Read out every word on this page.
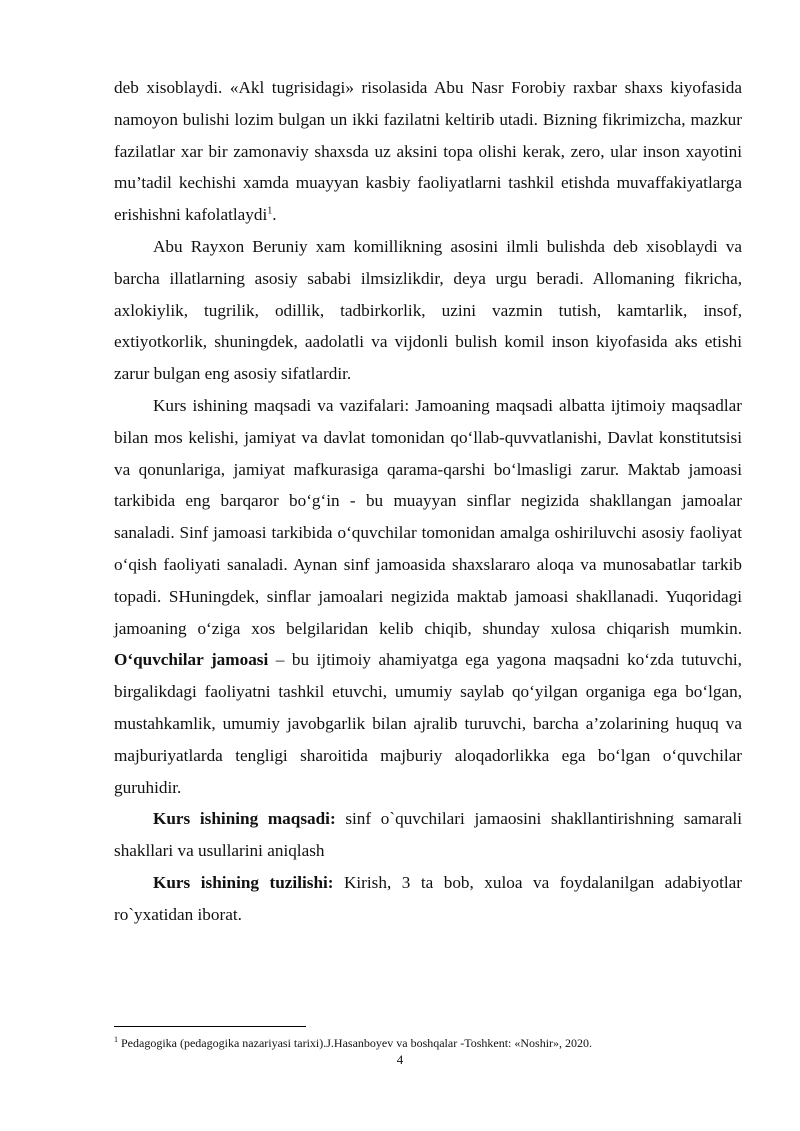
deb xisoblaydi. «Akl tugrisidagi» risolasida Abu Nasr Forobiy raxbar shaxs kiyofasida namoyon bulishi lozim bulgan un ikki fazilatni keltirib utadi. Bizning fikrimizcha, mazkur fazilatlar xar bir zamonaviy shaxsda uz aksini topa olishi kerak, zero, ular inson xayotini mu’tadil kechishi xamda muayyan kasbiy faoliyatlarni tashkil etishda muvaffakiyatlarga erishishni kafolatlaydi$^1$.

Abu Rayxon Beruniy xam komillikning asosini ilmli bulishda deb xisoblaydi va barcha illatlarning asosiy sababi ilmsizlikdir, deya urgu beradi. Allomaning fikricha, axlokiylik, tugrilik, odillik, tadbirkorlik, uzini vazmin tutish, kamtarlik, insof, extiyotkorlik, shuningdek, aadolatli va vijdonli bulish komil inson kiyofasida aks etishi zarur bulgan eng asosiy sifatlardir.

Kurs ishining maqsadi va vazifalari: Jamoaning maqsadi albatta ijtimoiy maqsadlar bilan mos kelishi, jamiyat va davlat tomonidan qo‘llab-quvvatlanishi, Davlat konstitutsisi va qonunlariga, jamiyat mafkurasiga qarama-qarshi bo‘lmasligi zarur. Maktab jamoasi tarkibida eng barqaror bo‘g‘in - bu muayyan sinflar negizida shakllangan jamoalar sanaladi. Sinf jamoasi tarkibida o‘quvchilar tomonidan amalga oshiriluvchi asosiy faoliyat o‘qish faoliyati sanaladi. Aynan sinf jamoasida shaxslararo aloqa va munosabatlar tarkib topadi. SHuningdek, sinflar jamoalari negizida maktab jamoasi shakllanadi. Yuqoridagi jamoaning o‘ziga xos belgilaridan kelib chiqib, shunday xulosa chiqarish mumkin. O‘quvchilar jamoasi – bu ijtimoiy ahamiyatga ega yagona maqsadni ko‘zda tutuvchi, birgalikdagi faoliyatni tashkil etuvchi, umumiy saylab qo‘yilgan organiga ega bo‘lgan, mustahkamlik, umumiy javobgarlik bilan ajralib turuvchi, barcha a’zolarining huquq va majburiyatlarda tengligi sharoitida majburiy aloqadorlikka ega bo‘lgan o‘quvchilar guruhidir.

Kurs ishining maqsadi: sinf o`quvchilari jamaosini shakllantirishning samarali shakllari va usullarini aniqlash

Kurs ishining tuzilishi: Kirish, 3 ta bob, xuloa va foydalanilgan adabiyotlar ro`yxatidan iborat.

$^1$ Pedagogika (pedagogika nazariyasi tarixi).J.Hasanboyev va boshqalar -Toshkent: «Noshir», 2020.
4
